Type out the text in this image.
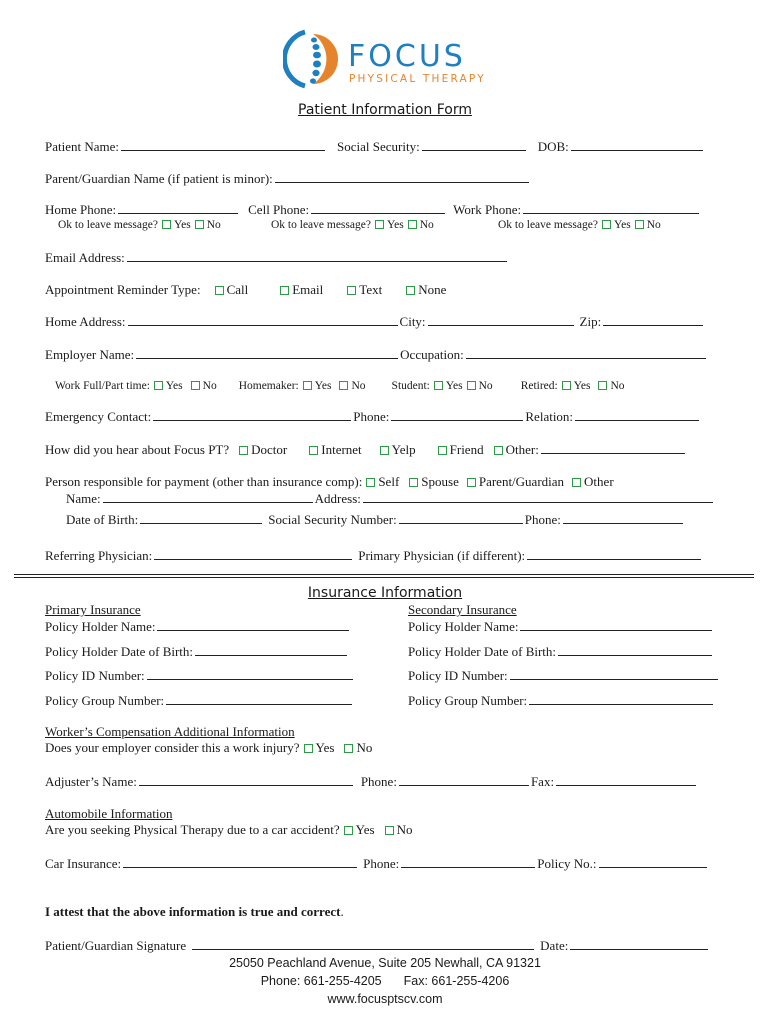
FOCUS
PHYSICAL THERAPY
Patient Information Form
Patient Name:	Social Security:	DOB:
Parent/Guardian Name (if patient is minor):
Home Phone:	Cell Phone:	Work Phone:
Ok to leave message? Yes No	Ok to leave message? Yes No	Ok to leave message? Yes No
Email Address:
Appointment Reminder Type: Call	Email	Text	None
Home Address:	City:	Zip:
Employer Name:	Occupation:
Work Full/Part time: Yes No Homemaker: Yes No Student: Yes No Retired: Yes No
Emergency Contact:	Phone:	Relation:
How did you hear about Focus PT? Doctor	Internet Yelp	Friend Other:
Person responsible for payment (other than insurance comp): Self Spouse Parent/Guardian Other
Name:	Address:
Date of Birth:	Social Security Number:	Phone:
Referring Physician:	Primary Physician (if different):
Insurance Information
Primary Insurance
Policy Holder Name:
Policy Holder Date of Birth:
Policy ID Number:
Policy Group Number:
Secondary Insurance
Policy Holder Name:
Policy Holder Date of Birth:
Policy ID Number:
Policy Group Number:
Worker’s Compensation Additional Information
Does your employer consider this a work injury? Yes No
Adjuster’s Name:	Phone:	Fax:
Automobile Information
Are you seeking Physical Therapy due to a car accident? Yes No
Car Insurance:	Phone:	Policy No.:
I attest that the above information is true and correct.
Patient/Guardian Signature	Date:
25050 Peachland Avenue, Suite 205 Newhall, CA 91321
Phone: 661-255-4205 Fax: 661-255-4206
www.focusptscv.com
